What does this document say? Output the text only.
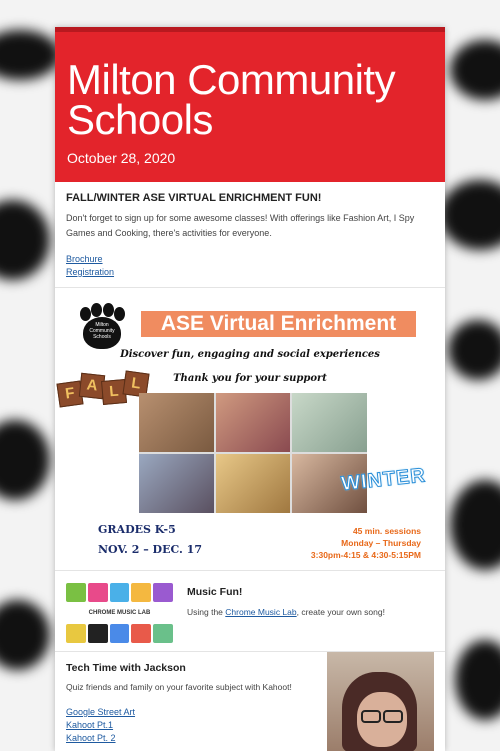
Milton Community Schools
October 28, 2020
FALL/WINTER ASE VIRTUAL ENRICHMENT FUN!

Don't forget to sign up for some awesome classes! With offerings like Fashion Art, I Spy Games and Cooking, there's activities for everyone.

Brochure
Registration
Milton Community Schools
ASE Virtual Enrichment
Discover fun, engaging and social experiences
Thank you for your support
F A L L
WINTER
GRADES K-5
NOV. 2 – DEC. 17
45 min. sessions
Monday – Thursday
3:30pm-4:15 & 4:30-5:15PM
CHROME MUSIC LAB
Music Fun!

Using the Chrome Music Lab, create your own song!

Tech Time with Jackson

Quiz friends and family on your favorite subject with Kahoot!

Google Street Art
Kahoot Pt.1
Kahoot Pt. 2
